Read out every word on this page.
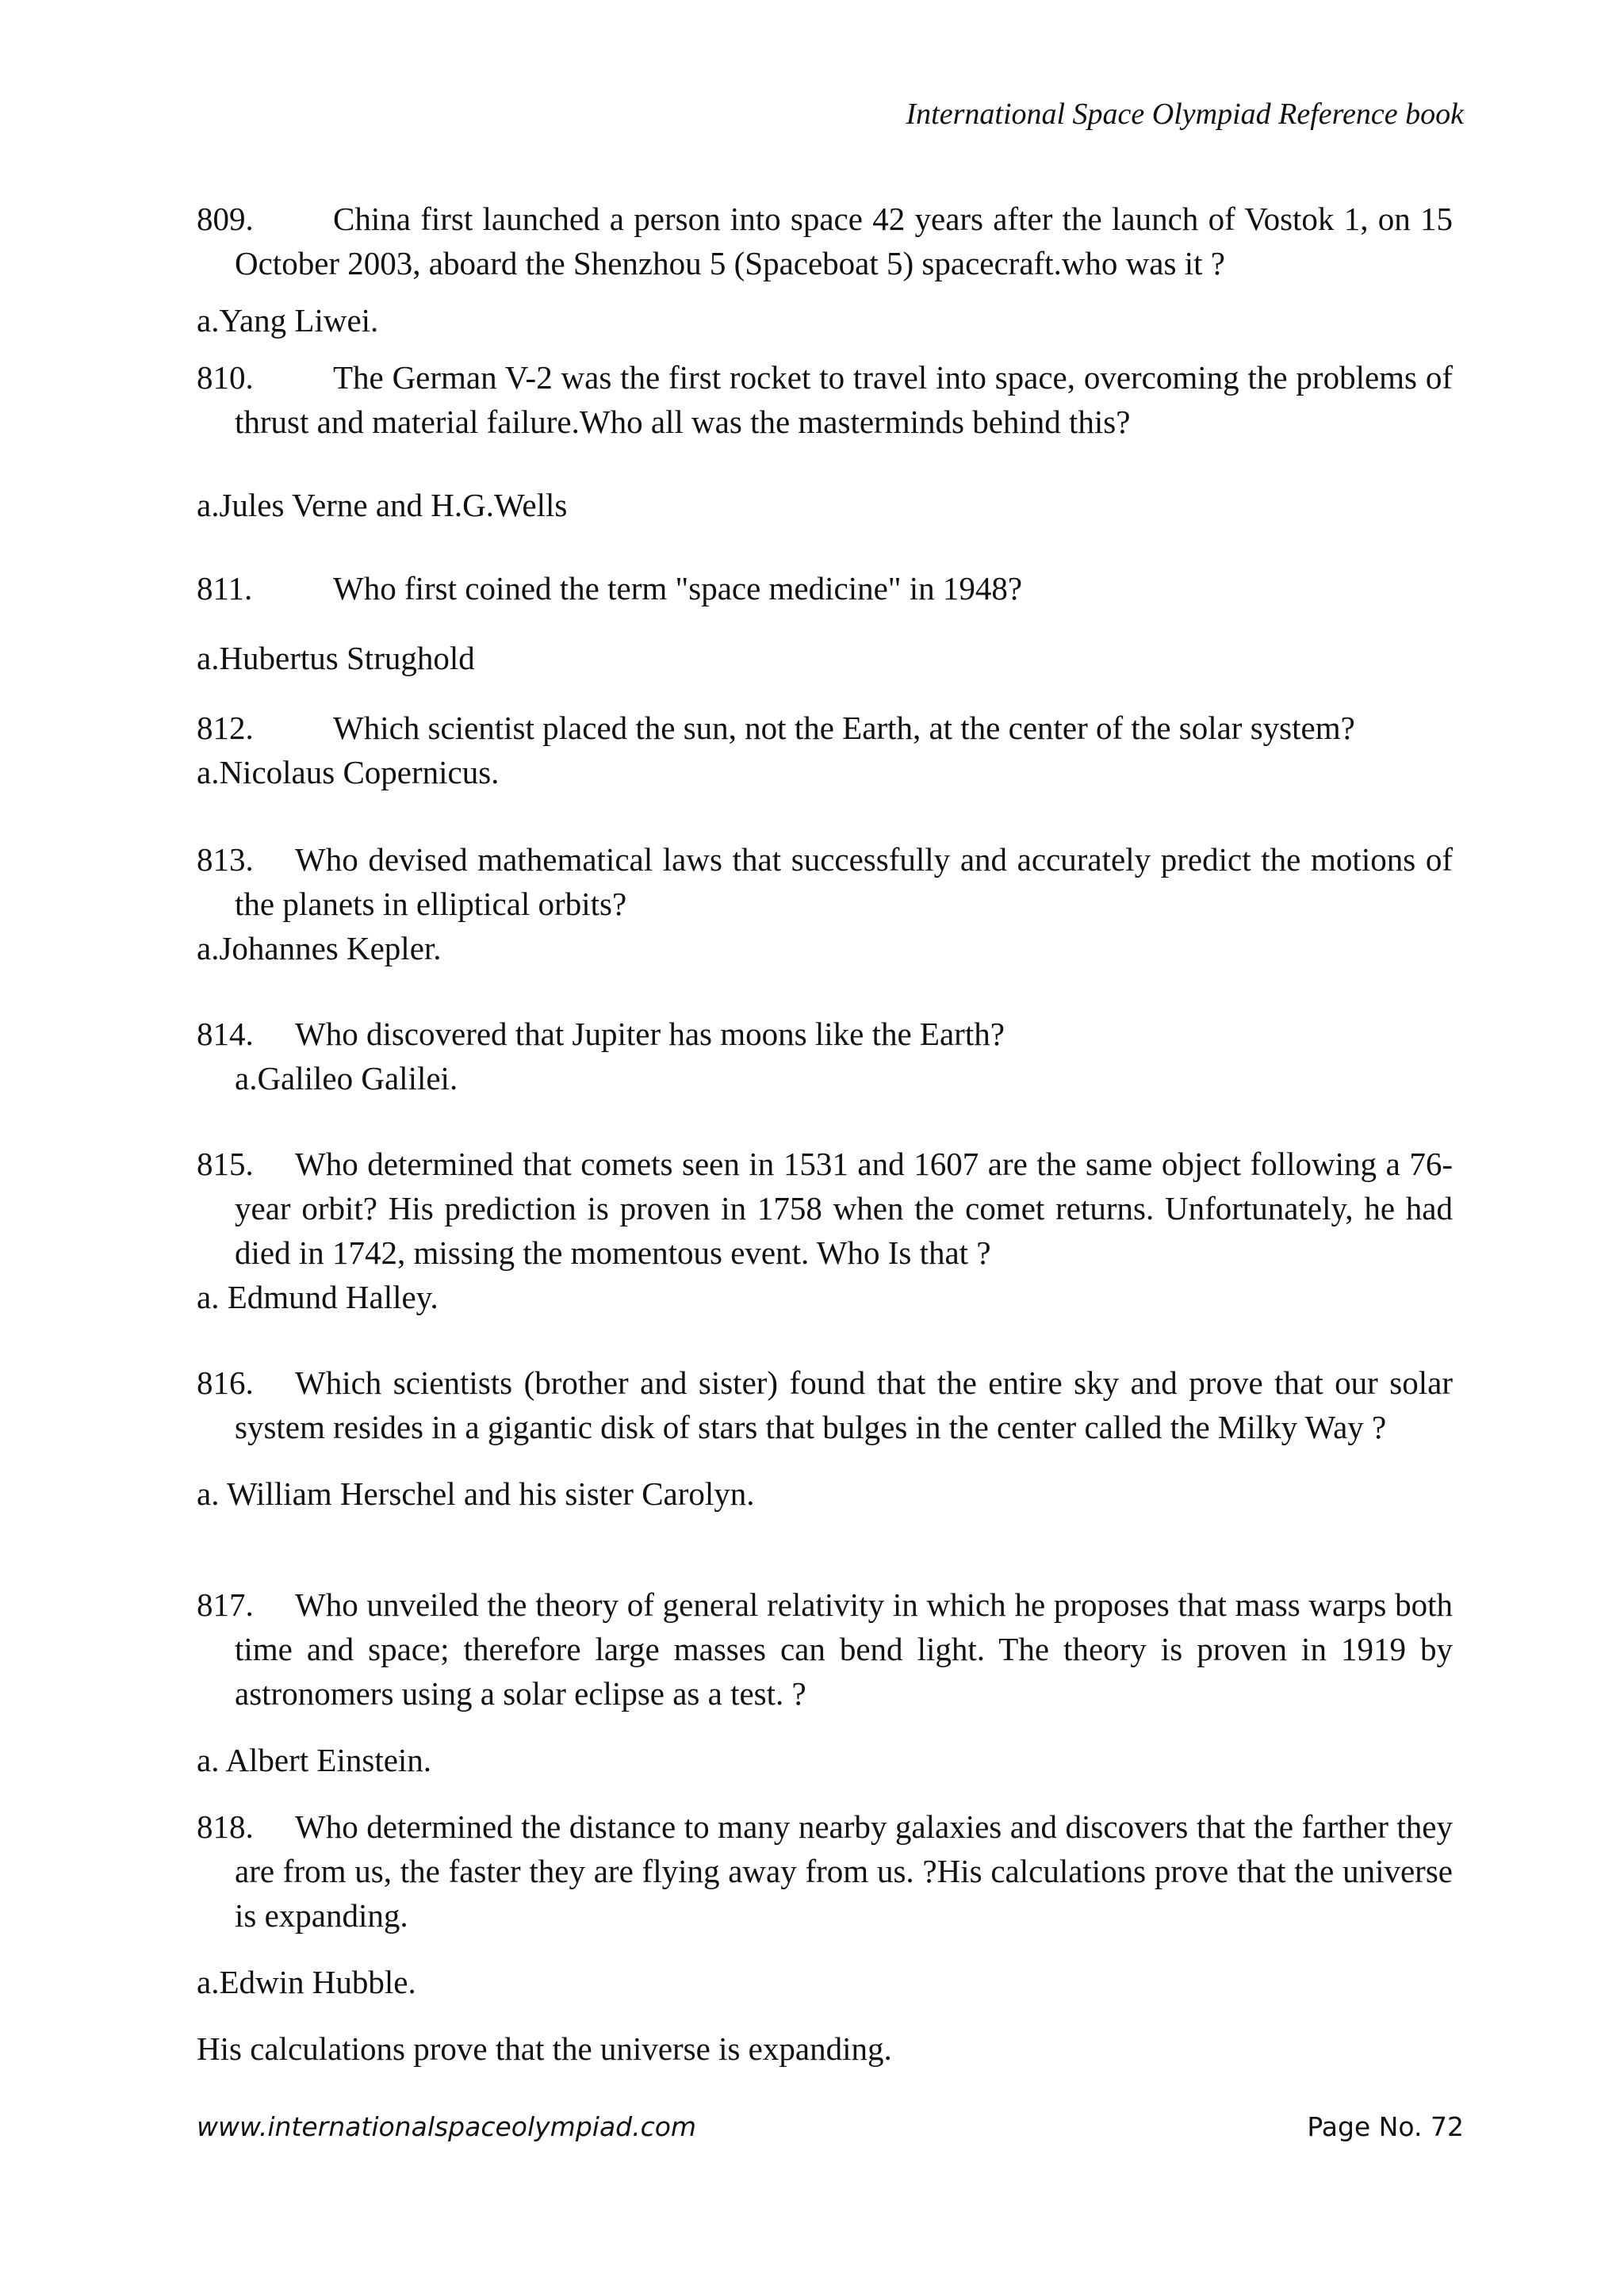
International Space Olympiad Reference book
809. China first launched a person into space 42 years after the launch of Vostok 1, on 15 October 2003, aboard the Shenzhou 5 (Spaceboat 5) spacecraft.who was it ?

a.Yang Liwei.

810. The German V-2 was the first rocket to travel into space, overcoming the problems of thrust and material failure.Who all was the masterminds behind this?

a.Jules Verne and H.G.Wells

811. Who first coined the term "space medicine" in 1948?

a.Hubertus Strughold

812. Which scientist placed the sun, not the Earth, at the center of the solar system?

a.Nicolaus Copernicus.

813. Who devised mathematical laws that successfully and accurately predict the motions of the planets in elliptical orbits?

a.Johannes Kepler.

814. Who discovered that Jupiter has moons like the Earth?

a.Galileo Galilei.

815. Who determined that comets seen in 1531 and 1607 are the same object following a 76-year orbit? His prediction is proven in 1758 when the comet returns. Unfortunately, he had died in 1742, missing the momentous event. Who Is that ?

a. Edmund Halley.

816. Which scientists (brother and sister) found that the entire sky and prove that our solar system resides in a gigantic disk of stars that bulges in the center called the Milky Way ?

a. William Herschel and his sister Carolyn.

817. Who unveiled the theory of general relativity in which he proposes that mass warps both time and space; therefore large masses can bend light. The theory is proven in 1919 by astronomers using a solar eclipse as a test. ?

a. Albert Einstein.

818. Who determined the distance to many nearby galaxies and discovers that the farther they are from us, the faster they are flying away from us. ?His calculations prove that the universe is expanding.

a.Edwin Hubble.

His calculations prove that the universe is expanding.

www.internationalspaceolympiad.com	Page No. 72
